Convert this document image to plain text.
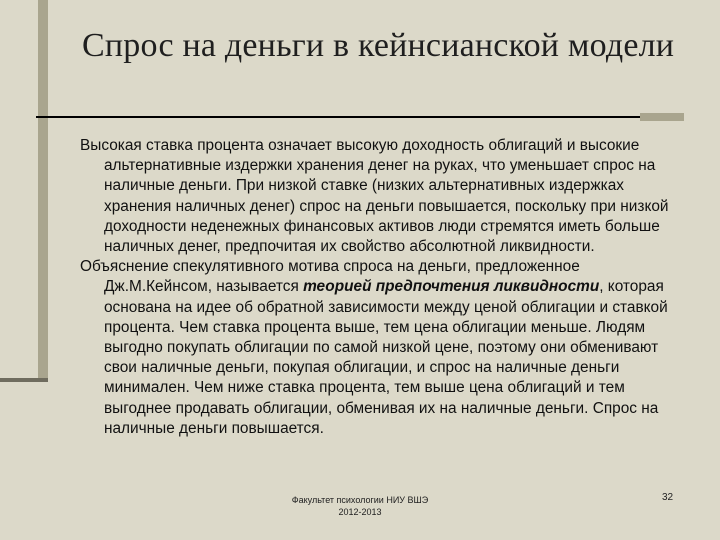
Спрос на деньги в кейнсианской модели

Высокая ставка процента означает высокую доходность облигаций и высокие альтернативные издержки хранения денег на руках, что уменьшает спрос на наличные деньги. При низкой ставке (низких альтернативных издержках хранения наличных денег) спрос на деньги повышается, поскольку при низкой доходности неденежных финансовых активов люди стремятся иметь больше наличных денег, предпочитая их свойство абсолютной ликвидности.

Объяснение спекулятивного мотива спроса на деньги, предложенное Дж.М.Кейнсом, называется теорией предпочтения ликвидности, которая основана на идее об обратной зависимости между ценой облигации и ставкой процента. Чем ставка процента выше, тем цена облигации меньше. Людям выгодно покупать облигации по самой низкой цене, поэтому они обменивают свои наличные деньги, покупая облигации, и спрос на наличные деньги минимален. Чем ниже ставка процента, тем выше цена облигаций и тем выгоднее продавать облигации, обменивая их на наличные деньги. Спрос на наличные деньги повышается.

Факультет психологии НИУ ВШЭ
2012-2013
32
